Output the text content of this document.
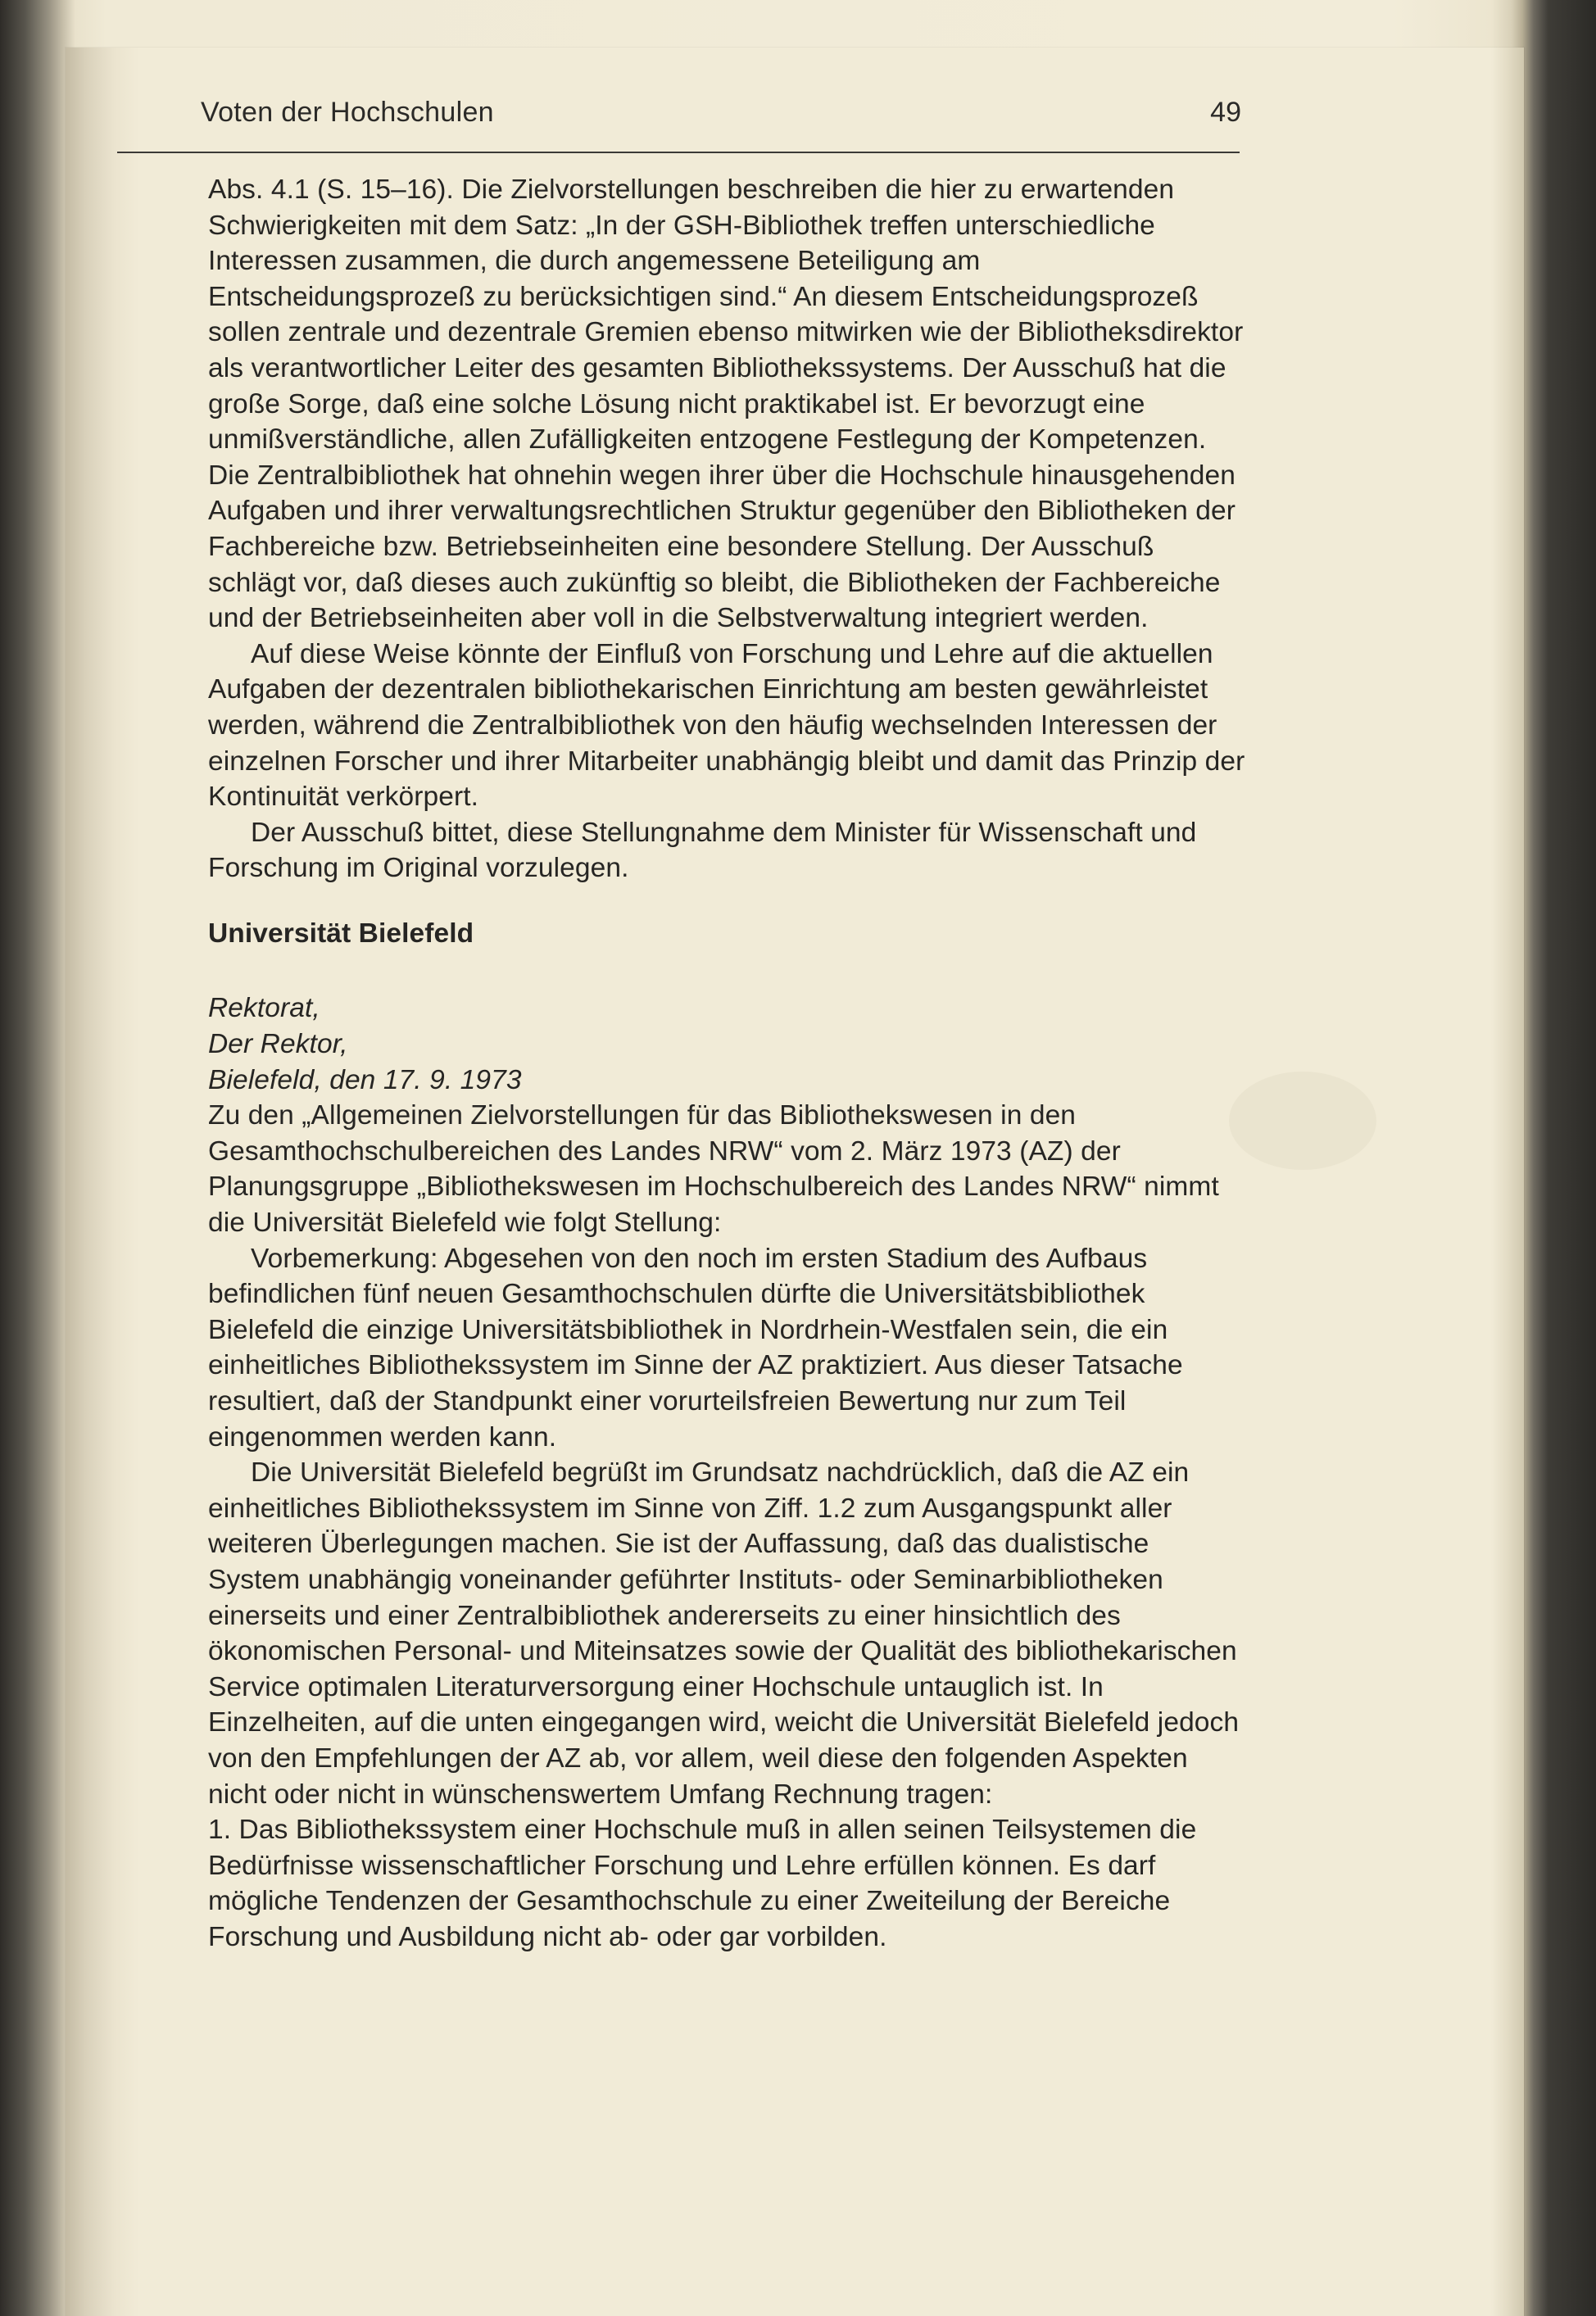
Voten der Hochschulen	49

Abs. 4.1 (S. 15–16). Die Zielvorstellungen beschreiben die hier zu erwartenden Schwierigkeiten mit dem Satz: „In der GSH-Bibliothek treffen unterschiedliche Interessen zusammen, die durch angemessene Beteiligung am Entscheidungsprozeß zu berücksichtigen sind.“ An diesem Entscheidungsprozeß sollen zentrale und dezentrale Gremien ebenso mitwirken wie der Bibliotheksdirektor als verantwortlicher Leiter des gesamten Bibliothekssystems. Der Ausschuß hat die große Sorge, daß eine solche Lösung nicht praktikabel ist. Er bevorzugt eine unmißverständliche, allen Zufälligkeiten entzogene Festlegung der Kompetenzen. Die Zentralbibliothek hat ohnehin wegen ihrer über die Hochschule hinausgehenden Aufgaben und ihrer verwaltungsrechtlichen Struktur gegenüber den Bibliotheken der Fachbereiche bzw. Betriebseinheiten eine besondere Stellung. Der Ausschuß schlägt vor, daß dieses auch zukünftig so bleibt, die Bibliotheken der Fachbereiche und der Betriebseinheiten aber voll in die Selbstverwaltung integriert werden.

Auf diese Weise könnte der Einfluß von Forschung und Lehre auf die aktuellen Aufgaben der dezentralen bibliothekarischen Einrichtung am besten gewährleistet werden, während die Zentralbibliothek von den häufig wechselnden Interessen der einzelnen Forscher und ihrer Mitarbeiter unabhängig bleibt und damit das Prinzip der Kontinuität verkörpert.

Der Ausschuß bittet, diese Stellungnahme dem Minister für Wissenschaft und Forschung im Original vorzulegen.

Universität Bielefeld

Rektorat,

Der Rektor,

Bielefeld, den 17. 9. 1973

Zu den „Allgemeinen Zielvorstellungen für das Bibliothekswesen in den Gesamthochschulbereichen des Landes NRW“ vom 2. März 1973 (AZ) der Planungsgruppe „Bibliothekswesen im Hochschulbereich des Landes NRW“ nimmt die Universität Bielefeld wie folgt Stellung:

Vorbemerkung: Abgesehen von den noch im ersten Stadium des Aufbaus befindlichen fünf neuen Gesamthochschulen dürfte die Universitätsbibliothek Bielefeld die einzige Universitätsbibliothek in Nordrhein-Westfalen sein, die ein einheitliches Bibliothekssystem im Sinne der AZ praktiziert. Aus dieser Tatsache resultiert, daß der Standpunkt einer vorurteilsfreien Bewertung nur zum Teil eingenommen werden kann.

Die Universität Bielefeld begrüßt im Grundsatz nachdrücklich, daß die AZ ein einheitliches Bibliothekssystem im Sinne von Ziff. 1.2 zum Ausgangspunkt aller weiteren Überlegungen machen. Sie ist der Auffassung, daß das dualistische System unabhängig voneinander geführter Instituts- oder Seminarbibliotheken einerseits und einer Zentralbibliothek andererseits zu einer hinsichtlich des ökonomischen Personal- und Miteinsatzes sowie der Qualität des bibliothekarischen Service optimalen Literaturversorgung einer Hochschule untauglich ist. In Einzelheiten, auf die unten eingegangen wird, weicht die Universität Bielefeld jedoch von den Empfehlungen der AZ ab, vor allem, weil diese den folgenden Aspekten nicht oder nicht in wünschenswertem Umfang Rechnung tragen:

1. Das Bibliothekssystem einer Hochschule muß in allen seinen Teilsystemen die Bedürfnisse wissenschaftlicher Forschung und Lehre erfüllen können. Es darf mögliche Tendenzen der Gesamthochschule zu einer Zweiteilung der Bereiche Forschung und Ausbildung nicht ab- oder gar vorbilden.
